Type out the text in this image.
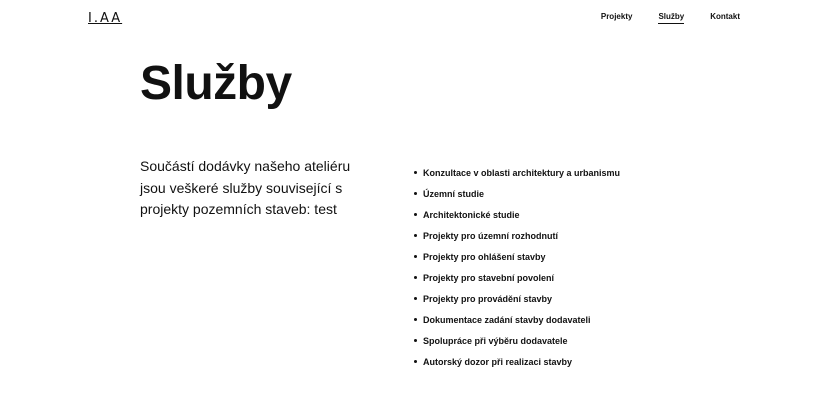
I.AA	Projekty	Služby	Kontakt
Služby

Součástí dodávky našeho ateliéru jsou veškeré služby související s projekty pozemních staveb: test

Konzultace v oblasti architektury a urbanismu
Územní studie
Architektonické studie
Projekty pro územní rozhodnutí
Projekty pro ohlášení stavby
Projekty pro stavební povolení
Projekty pro provádění stavby
Dokumentace zadání stavby dodavateli
Spolupráce při výběru dodavatele
Autorský dozor při realizaci stavby
